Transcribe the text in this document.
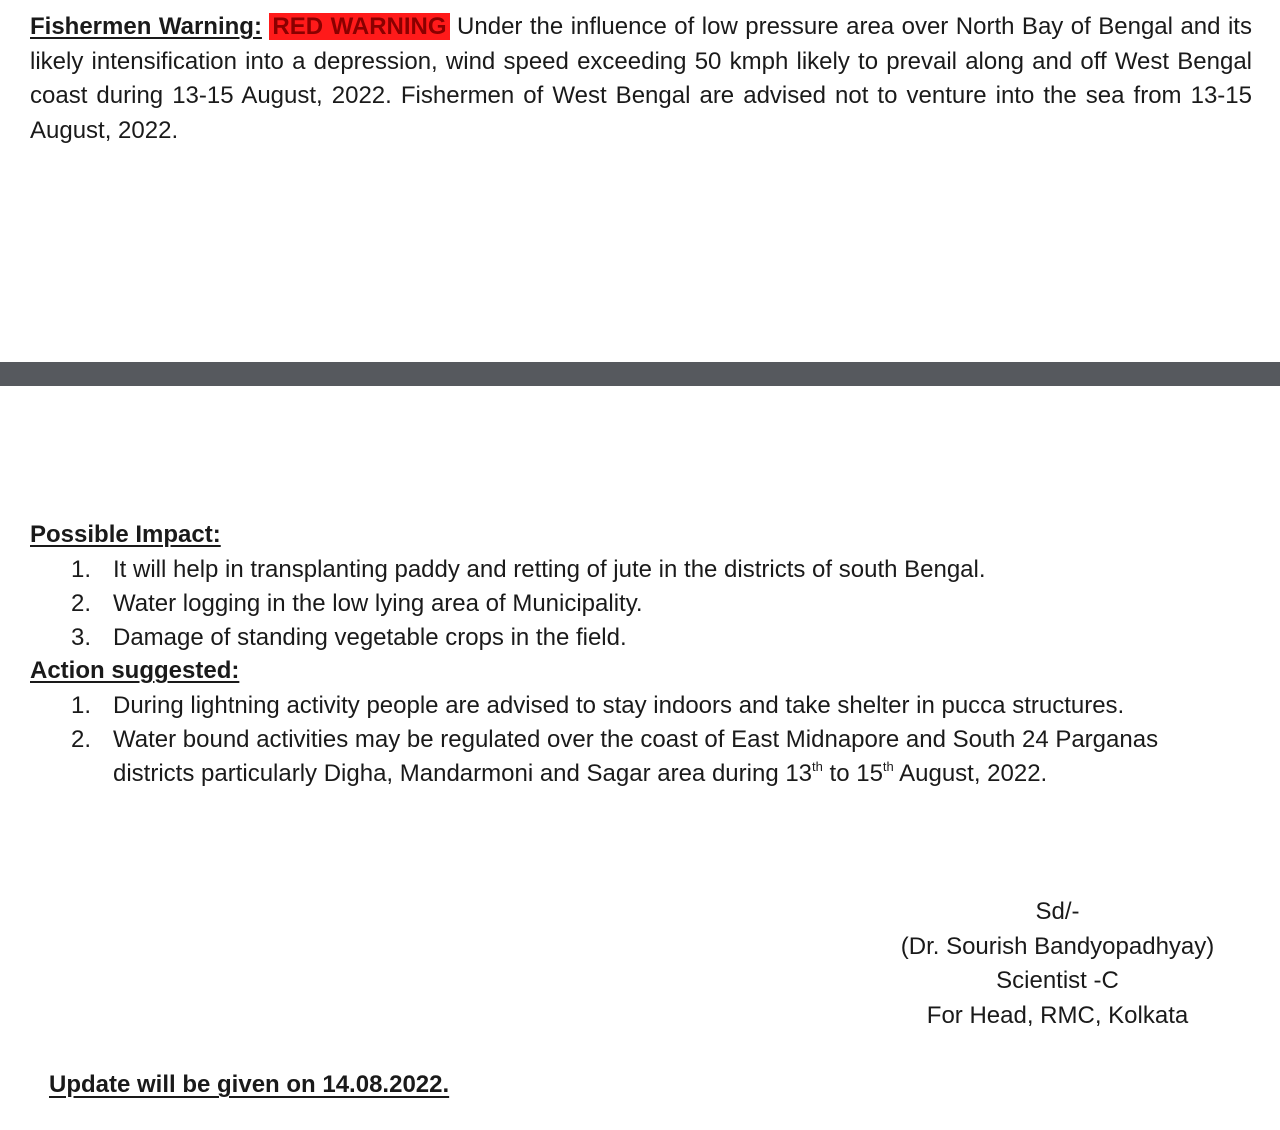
Fishermen Warning: RED WARNING Under the influence of low pressure area over North Bay of Bengal and its likely intensification into a depression, wind speed exceeding 50 kmph likely to prevail along and off West Bengal coast during 13-15 August, 2022. Fishermen of West Bengal are advised not to venture into the sea from 13-15 August, 2022.

Possible Impact:

1. It will help in transplanting paddy and retting of jute in the districts of south Bengal.
2. Water logging in the low lying area of Municipality.
3. Damage of standing vegetable crops in the field.

Action suggested:

1. During lightning activity people are advised to stay indoors and take shelter in pucca structures.
2. Water bound activities may be regulated over the coast of East Midnapore and South 24 Parganas districts particularly Digha, Mandarmoni and Sagar area during 13th to 15th August, 2022.
Sd/-
(Dr. Sourish Bandyopadhyay)
Scientist -C
For Head, RMC, Kolkata

Update will be given on 14.08.2022.
